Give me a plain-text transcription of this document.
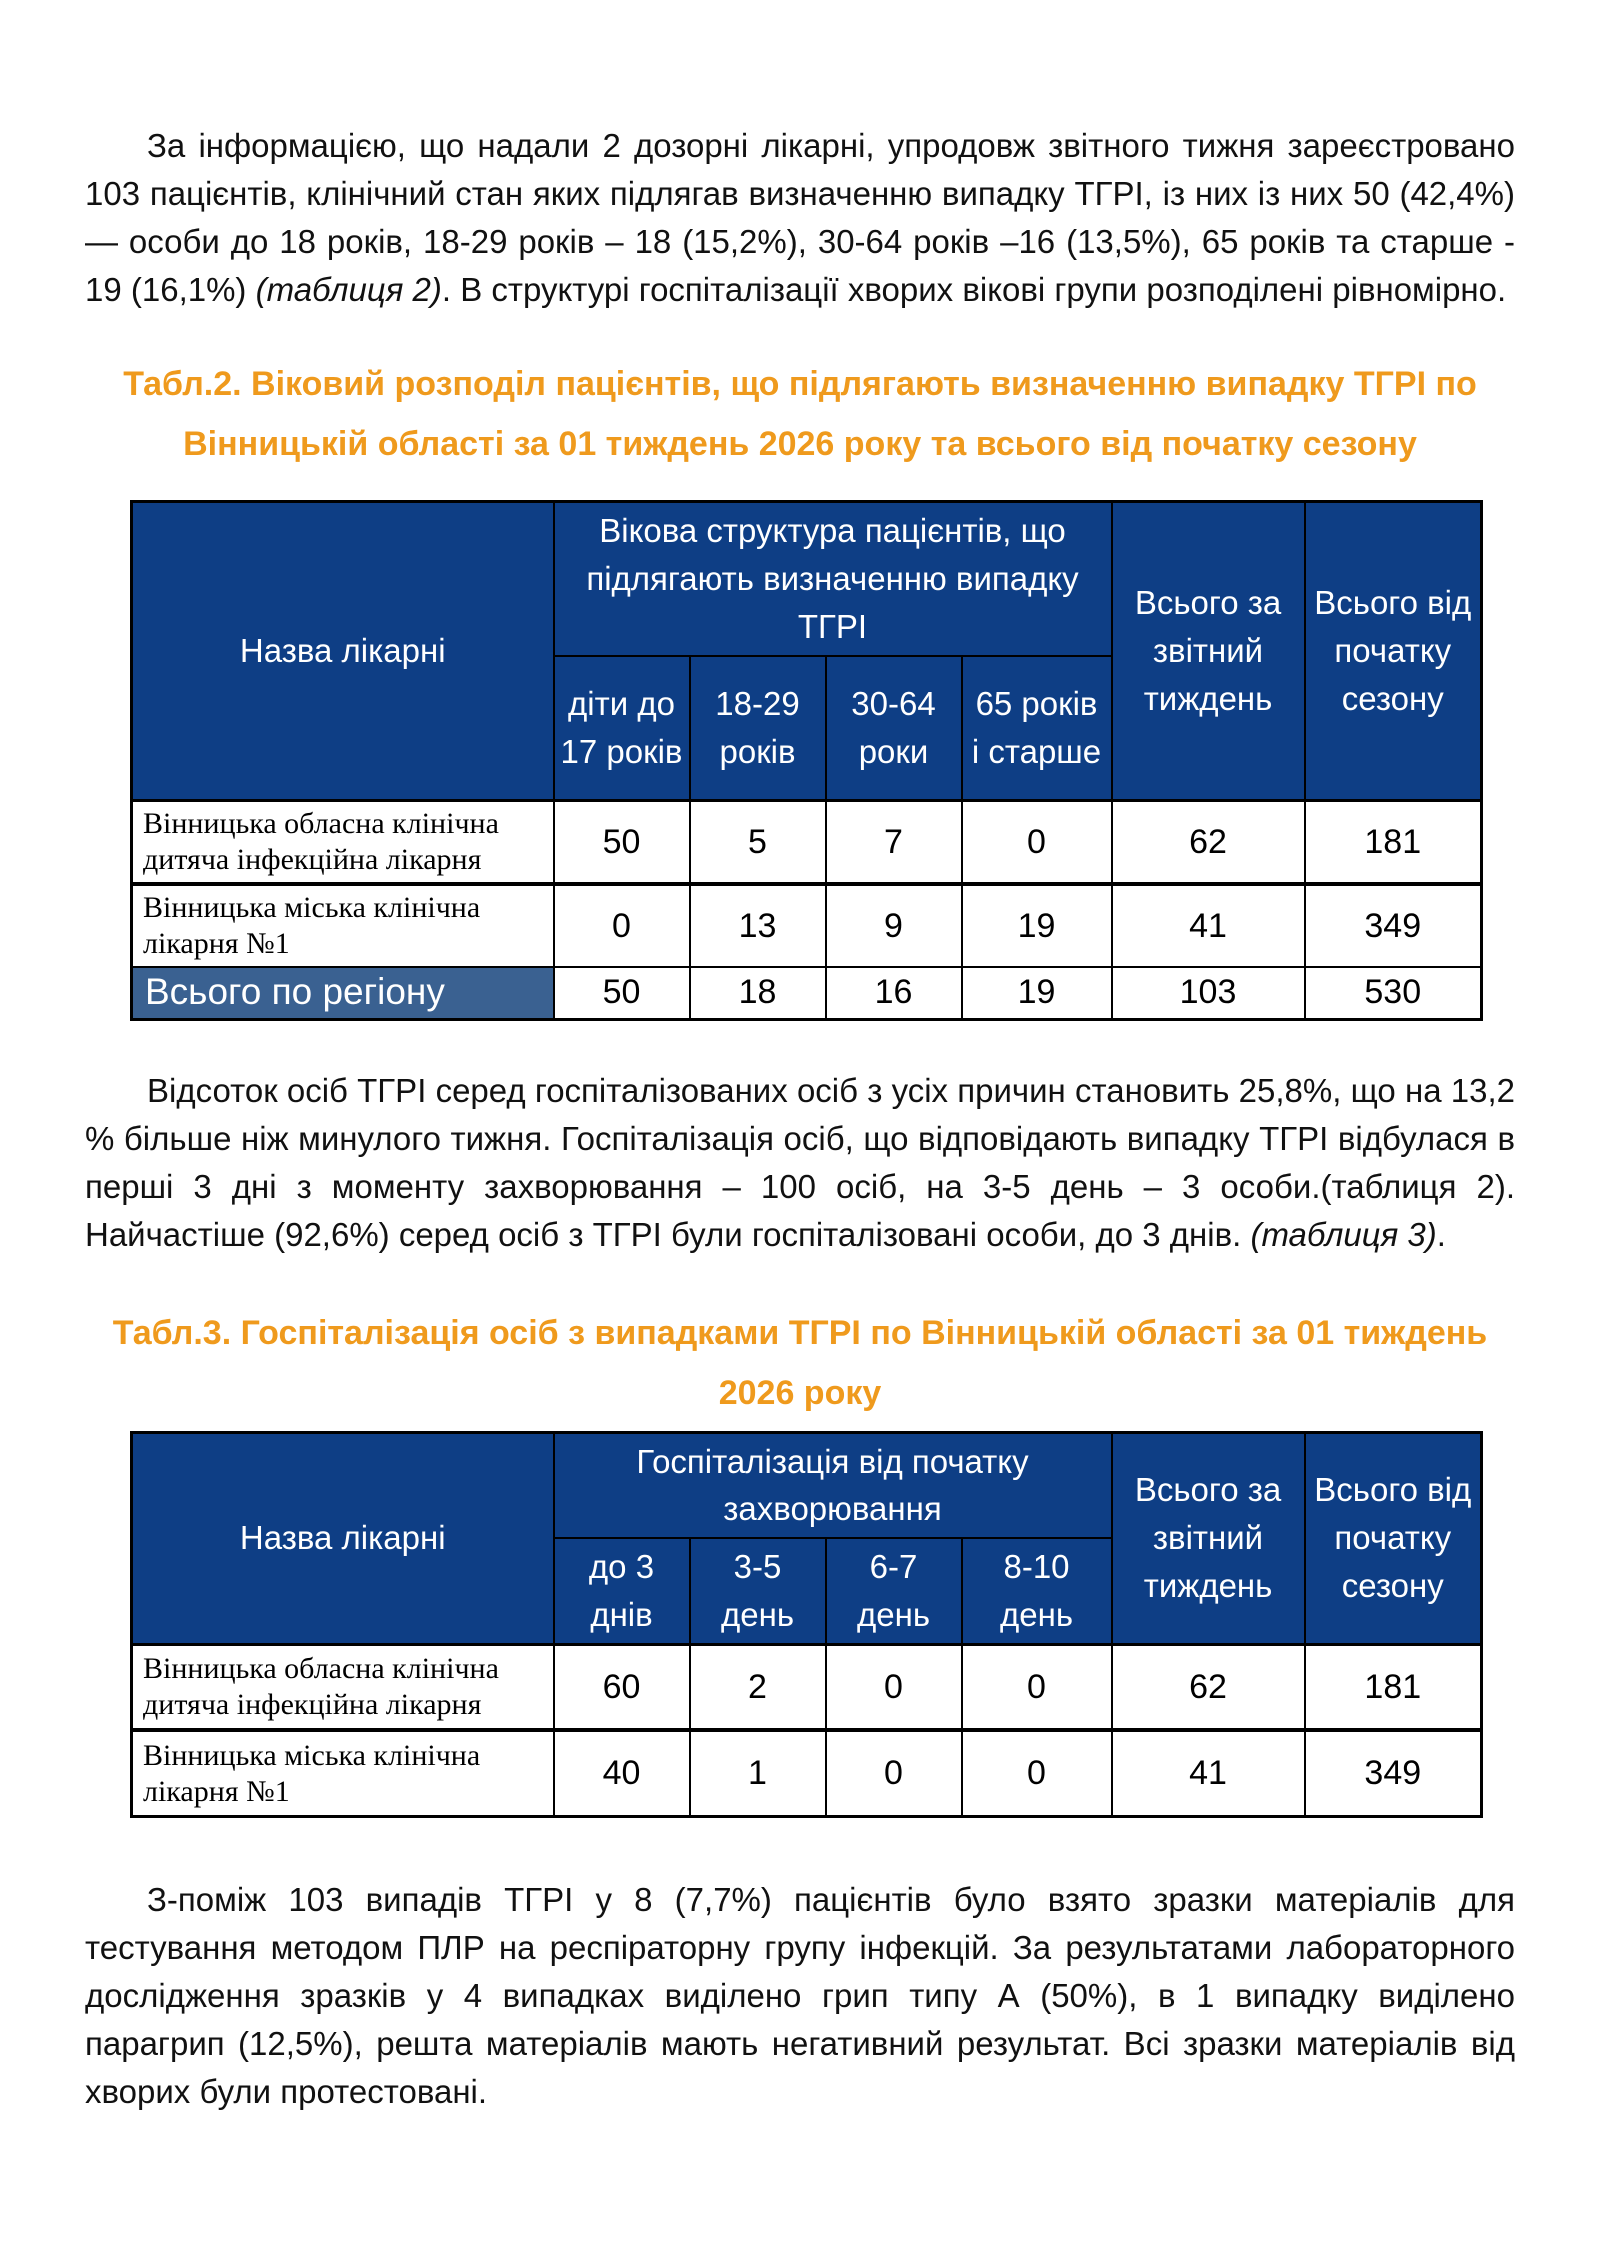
За інформацією, що надали 2 дозорні лікарні, упродовж звітного тижня зареєстровано 103 пацієнтів, клінічний стан яких підлягав визначенню випадку ТГРІ, із них із них 50 (42,4%) — особи до 18 років, 18-29 років – 18 (15,2%), 30-64 років –16 (13,5%), 65 років та старше - 19 (16,1%) (таблиця 2). В структурі госпіталізації хворих вікові групи розподілені рівномірно.

Табл.2. Віковий розподіл пацієнтів, що підлягають визначенню випадку ТГРІ по Вінницькій області за 01 тиждень 2026 року та всього від початку сезону
Назва лікарні	Вікова структура пацієнтів, що підлягають визначенню випадку ТГРІ				Всього за звітний тиждень	Всього від початку сезону
	діти до 17 років	18-29 років	30-64 роки	65 років і старше		
Вінницька обласна клінічна дитяча інфекційна лікарня	50	5	7	0	62	181
Вінницька міська клінічна лікарня №1	0	13	9	19	41	349
Всього по регіону	50	18	16	19	103	530

Відсоток осіб ТГРІ серед госпіталізованих осіб з усіх причин становить 25,8%, що на 13,2 % більше ніж минулого тижня. Госпіталізація осіб, що відповідають випадку ТГРІ відбулася в перші 3 дні з моменту захворювання – 100 осіб, на 3-5 день – 3 особи.(таблиця 2). Найчастіше (92,6%) серед осіб з ТГРІ були госпіталізовані особи, до 3 днів. (таблиця 3).

Табл.3. Госпіталізація осіб з випадками ТГРІ по Вінницькій області за 01 тиждень 2026 року
Назва лікарні	Госпіталізація від початку захворювання				Всього за звітний тиждень	Всього від початку сезону
	до 3 днів	3-5 день	6-7 день	8-10 день		
Вінницька обласна клінічна дитяча інфекційна лікарня	60	2	0	0	62	181
Вінницька міська клінічна лікарня №1	40	1	0	0	41	349

З-поміж 103 випадів ТГРІ у 8 (7,7%) пацієнтів було взято зразки матеріалів для тестування методом ПЛР на респіраторну групу інфекцій. За результатами лабораторного дослідження зразків у 4 випадках виділено грип типу А (50%), в 1 випадку виділено парагрип (12,5%), решта матеріалів мають негативний результат. Всі зразки матеріалів від хворих були протестовані.
